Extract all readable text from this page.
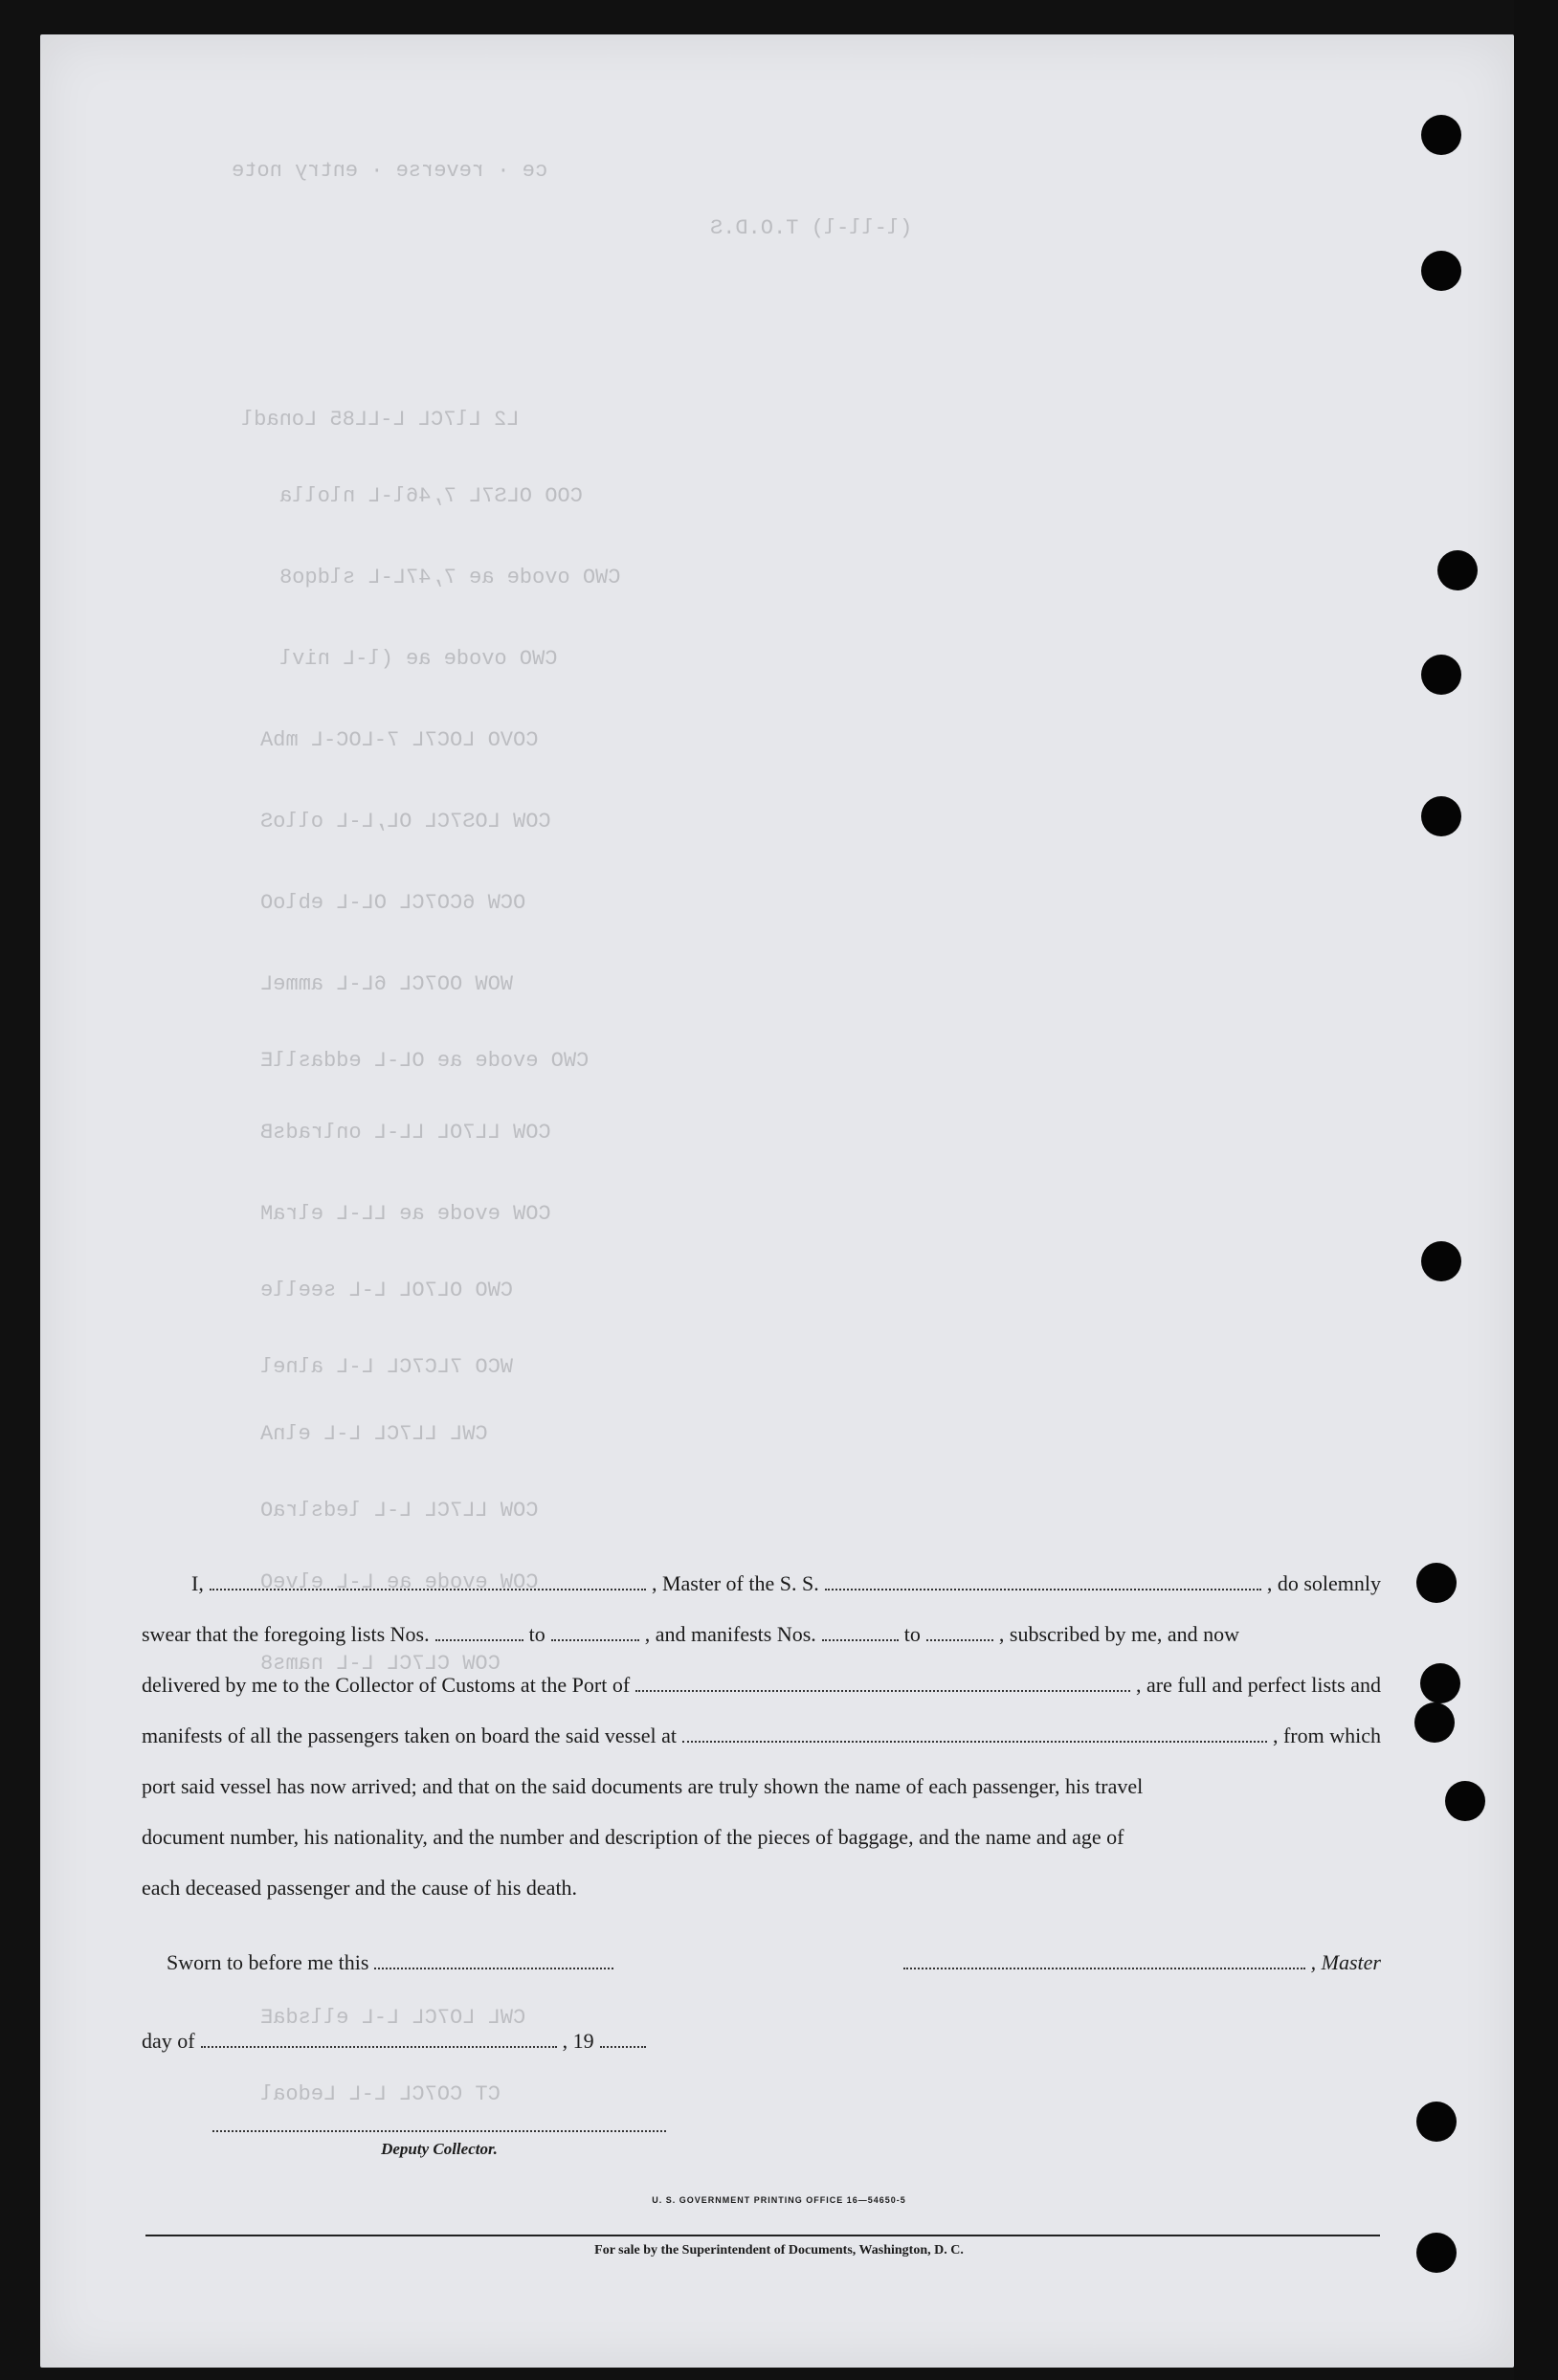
ce · reverse · entry note
(l-ll-l) T.O.D.S
L2 Ll7CL L-LL85 Lonadl
COO OLS7L 7,46l-L nlolla
CWO ovode ae 7,47L-L sldqo8
CWO ovode ae (l-L nivl
COVO LOC7L 7-LOC-L mbA
COW LOS7CL OL,L-L olloS
OCW 6CO7CL OL-L ebloO
WOW OO7CL 6L-L ammeL
CWO evode ae OL-L eddasllE
COW LL7OL LL-L onlradsB
COW evode ae LL-L elraM
CWO OL7OL L-L seelle
WCO 7LC7CL L-L alnel
CWL LL7CL L-L elnA
COW LL7CL L-L ledslraO
COW evode ae L-L elveO
COW CL7CL L-L nams8
CWL LO7CL L-L ellsdaE
CT CO7CL L-L Ledoal
I,	, Master of the S. S.	, do solemnly
swear that the foregoing lists Nos.	to	, and manifests Nos.	to	, subscribed by me, and now
delivered by me to the Collector of Customs at the Port of	, are full and perfect lists and
manifests of all the passengers taken on board the said vessel at	, from which
port said vessel has now arrived; and that on the said documents are truly shown the name of each passenger, his travel
document number, his nationality, and the number and description of the pieces of baggage, and the name and age of
each deceased passenger and the cause of his death.
Sworn to before me this	, Master
day of	, 19
Deputy Collector.
U. S. GOVERNMENT PRINTING OFFICE 16—54650-5
For sale by the Superintendent of Documents, Washington, D. C.
